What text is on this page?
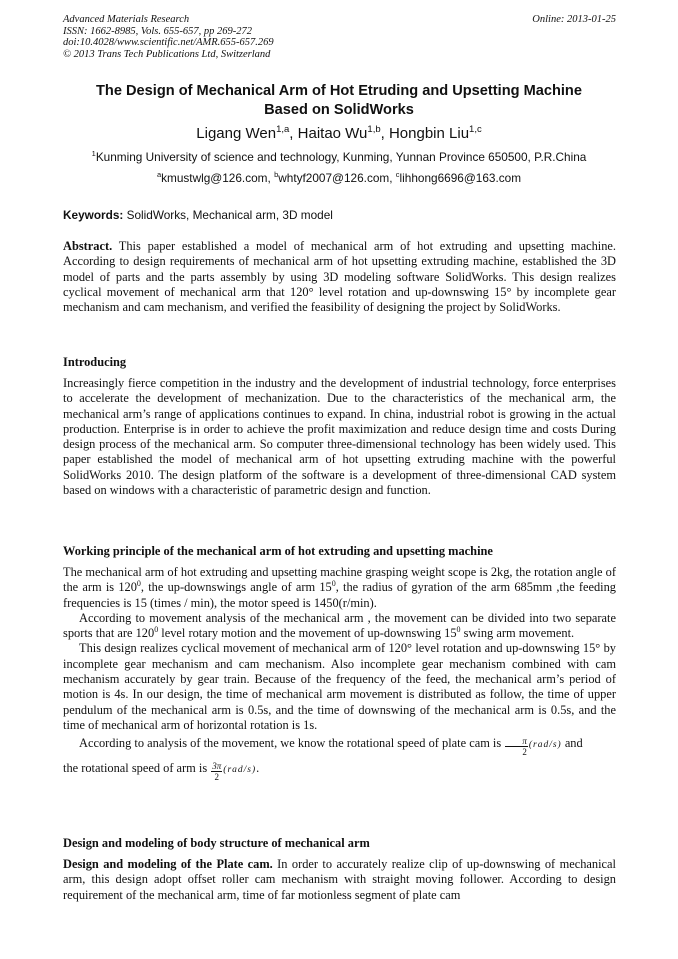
Advanced Materials Research
ISSN: 1662-8985, Vols. 655-657, pp 269-272
doi:10.4028/www.scientific.net/AMR.655-657.269
© 2013 Trans Tech Publications Ltd, Switzerland
Online: 2013-01-25
The Design of Mechanical Arm of Hot Etruding and Upsetting Machine
Based on SolidWorks
Ligang Wen$^{1,a}$, Haitao Wu$^{1,b}$, Hongbin Liu$^{1,c}$
$^1$Kunming University of science and technology, Kunming, Yunnan Province 650500, P.R.China
$^a$kmustwlg@126.com, $^b$whtyf2007@126.com, $^c$lihhong6696@163.com
Keywords: SolidWorks, Mechanical arm, 3D model

Abstract. This paper established a model of mechanical arm of hot extruding and upsetting machine. According to design requirements of mechanical arm of hot upsetting extruding machine, established the 3D model of parts and the parts assembly by using 3D modeling software SolidWorks. This design realizes cyclical movement of mechanical arm that 120° level rotation and up-downswing 15° by incomplete gear mechanism and cam mechanism, and verified the feasibility of designing the project by SolidWorks.

Introducing

Increasingly fierce competition in the industry and the development of industrial technology, force enterprises to accelerate the development of mechanization. Due to the characteristics of the mechanical arm, the mechanical arm’s range of applications continues to expand. In china, industrial robot is growing in the actual production. Enterprise is in order to achieve the profit maximization and reduce design time and costs During design process of the mechanical arm. So computer three-dimensional technology has been widely used. This paper established the model of mechanical arm of hot upsetting extruding machine with the powerful SolidWorks 2010. The design platform of the software is a development of three-dimensional CAD system based on windows with a characteristic of parametric design and function.

Working principle of the mechanical arm of hot extruding and upsetting machine

The mechanical arm of hot extruding and upsetting machine grasping weight scope is 2kg, the rotation angle of the arm is $120^0$, the up-downswings angle of arm $15^0$, the radius of gyration of the arm 685mm ,the feeding frequencies is 15 (times / min), the motor speed is 1450(r/min).

According to movement analysis of the mechanical arm , the movement can be divided into two separate sports that are $120^0$ level rotary motion and the movement of up-downswing $15^0$ swing arm movement.

This design realizes cyclical movement of mechanical arm of 120° level rotation and up-downswing 15° by incomplete gear mechanism and cam mechanism. Also incomplete gear mechanism combined with cam mechanism accurately by gear train. Because of the frequency of the feed, the mechanical arm’s period of motion is 4s. In our design, the time of mechanical arm movement is distributed as follow, the time of upper pendulum of the mechanical arm is 0.5s, and the time of downswing of the mechanical arm is 0.5s, and the time of mechanical arm of horizontal rotation is 1s.

According to analysis of the movement, we know the rotational speed of plate cam is $\frac{\pi}{2} (rad/s)$ and

the rotational speed of arm is $\frac{3\pi}{2} (rad/s)$.

Design and modeling of body structure of mechanical arm

Design and modeling of the Plate cam. In order to accurately realize clip of up-downswing of mechanical arm, this design adopt offset roller cam mechanism with straight moving follower. According to design requirement of the mechanical arm, time of far motionless segment of plate cam
